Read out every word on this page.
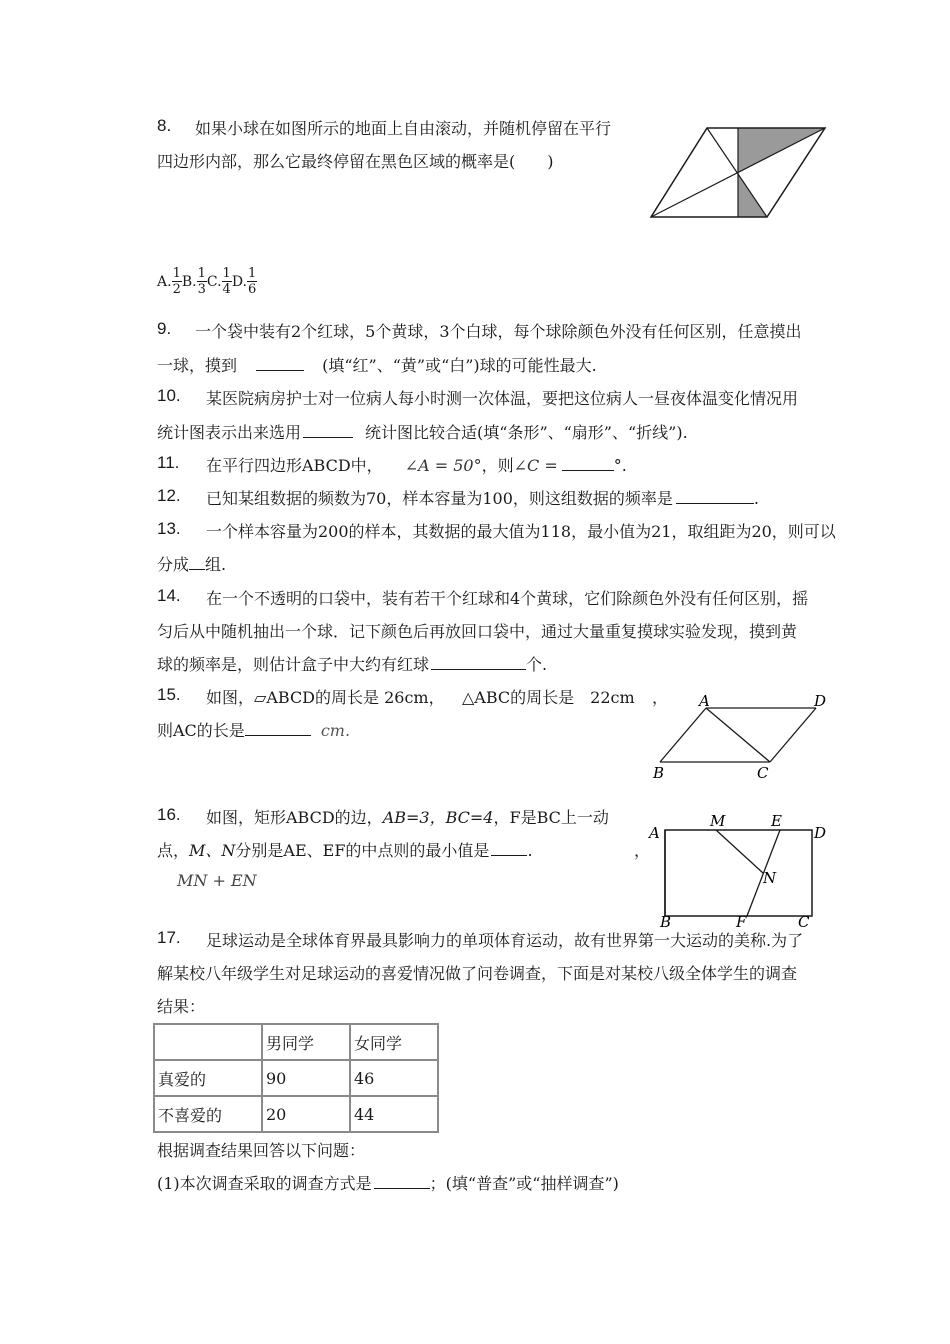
8. 如果小球在如图所示的地面上自由滚动，并随机停留在平行
四边形内部，那么它最终停留在黑色区域的概率是(　　)
A. $\frac{1}{2} B$. $\frac{1}{3} C$. $\frac{1}{4} D$. $\frac{1}{6}$
9. 一个袋中装有2个红球，5个黄球，3个白球，每个球除颜色外没有任何区别，任意摸出
一球，摸到	(填“红”、“黄”或“白”)球的可能性最大.
10. 某医院病房护士对一位病人每小时测一次体温，要把这位病人一昼夜体温变化情况用
统计图表示出来选用	统计图比较合适(填“条形”、“扇形”、“折线”).
11. 在平行四边形ABCD中， ∠A = 50°，则∠C =	°.
12. 已知某组数据的频数为70，样本容量为100，则这组数据的频率是	.
13. 一个样本容量为200的样本，其数据的最大值为118，最小值为21，取组距为20，则可以
分成 组.
14. 在一个不透明的口袋中，装有若干个红球和4个黄球，它们除颜色外没有任何区别，摇
匀后从中随机抽出一个球．记下颜色后再放回口袋中，通过大量重复摸球实验发现，摸到黄
球的频率是，则估计盒子中大约有红球	个.
15. 如图，▱ABCD的周长是 26cm， △ABC的周长是　22cm ，
则AC的长是	cm.
A	D
B	C
16. 如图，矩形ABCD的边，AB=3，BC=4，F是BC上一动
点，M、N分别是AE、EF的中点则的最小值是 .	，
MN + EN
A
M	E
D
N
B	F	C
17. 足球运动是全球体育界最具影响力的单项体育运动，故有世界第一大运动的美称.为了
解某校八年级学生对足球运动的喜爱情况做了问卷调查，下面是对某校八级全体学生的调查
结果：
	男同学	女同学
真爱的	90	46
不喜爱的	20	44
根据调查结果回答以下问题：
(1)本次调查采取的调查方式是	；(填“普查”或“抽样调查”)
